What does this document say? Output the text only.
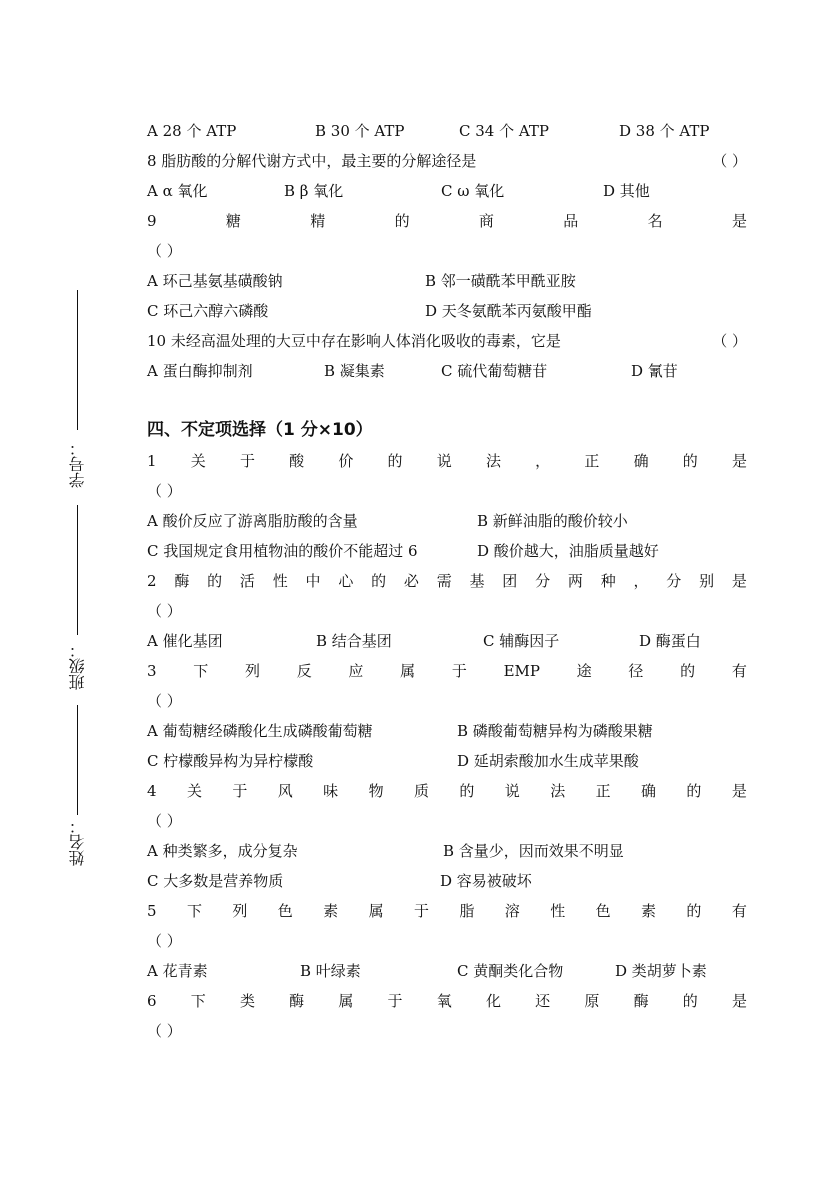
学号：
班级：
姓名：
A 28 个 ATP	B 30 个 ATP	C 34 个 ATP	D 38 个 ATP
8 脂肪酸的分解代谢方式中，最主要的分解途径是	（ ）
A α 氧化	B β 氧化	C ω 氧化	D 其他
9	糖	精	的	商	品	名	是
（ ）
A 环己基氨基磺酸钠	B 邻一磺酰苯甲酰亚胺
C 环己六醇六磷酸	D 天冬氨酰苯丙氨酸甲酯
10 未经高温处理的大豆中存在影响人体消化吸收的毒素，它是	（ ）
A 蛋白酶抑制剂	B 凝集素	C 硫代葡萄糖苷	D 氰苷
四、不定项选择（1 分×10）
1 关 于 酸 价 的 说 法 ， 正 确 的 是
（ ）
A 酸价反应了游离脂肪酸的含量	B 新鲜油脂的酸价较小
C 我国规定食用植物油的酸价不能超过 6	D 酸价越大，油脂质量越好
2 酶 的 活 性 中 心 的 必 需 基 团 分 两 种 ， 分 别 是
（ ）
A 催化基团	B 结合基团	C 辅酶因子	D 酶蛋白
3 下 列 反 应 属 于 EMP 途 径 的 有
（ ）
A 葡萄糖经磷酸化生成磷酸葡萄糖	B 磷酸葡萄糖异构为磷酸果糖
C 柠檬酸异构为异柠檬酸	D 延胡索酸加水生成苹果酸
4 关 于 风 味 物 质 的 说 法 正 确 的 是
（ ）
A 种类繁多，成分复杂	B 含量少，因而效果不明显
C 大多数是营养物质	D 容易被破坏
5 下 列 色 素 属 于 脂 溶 性 色 素 的 有
（ ）
A 花青素	B 叶绿素	C 黄酮类化合物	D 类胡萝卜素
6 下 类 酶 属 于 氧 化 还 原 酶 的 是
（ ）
